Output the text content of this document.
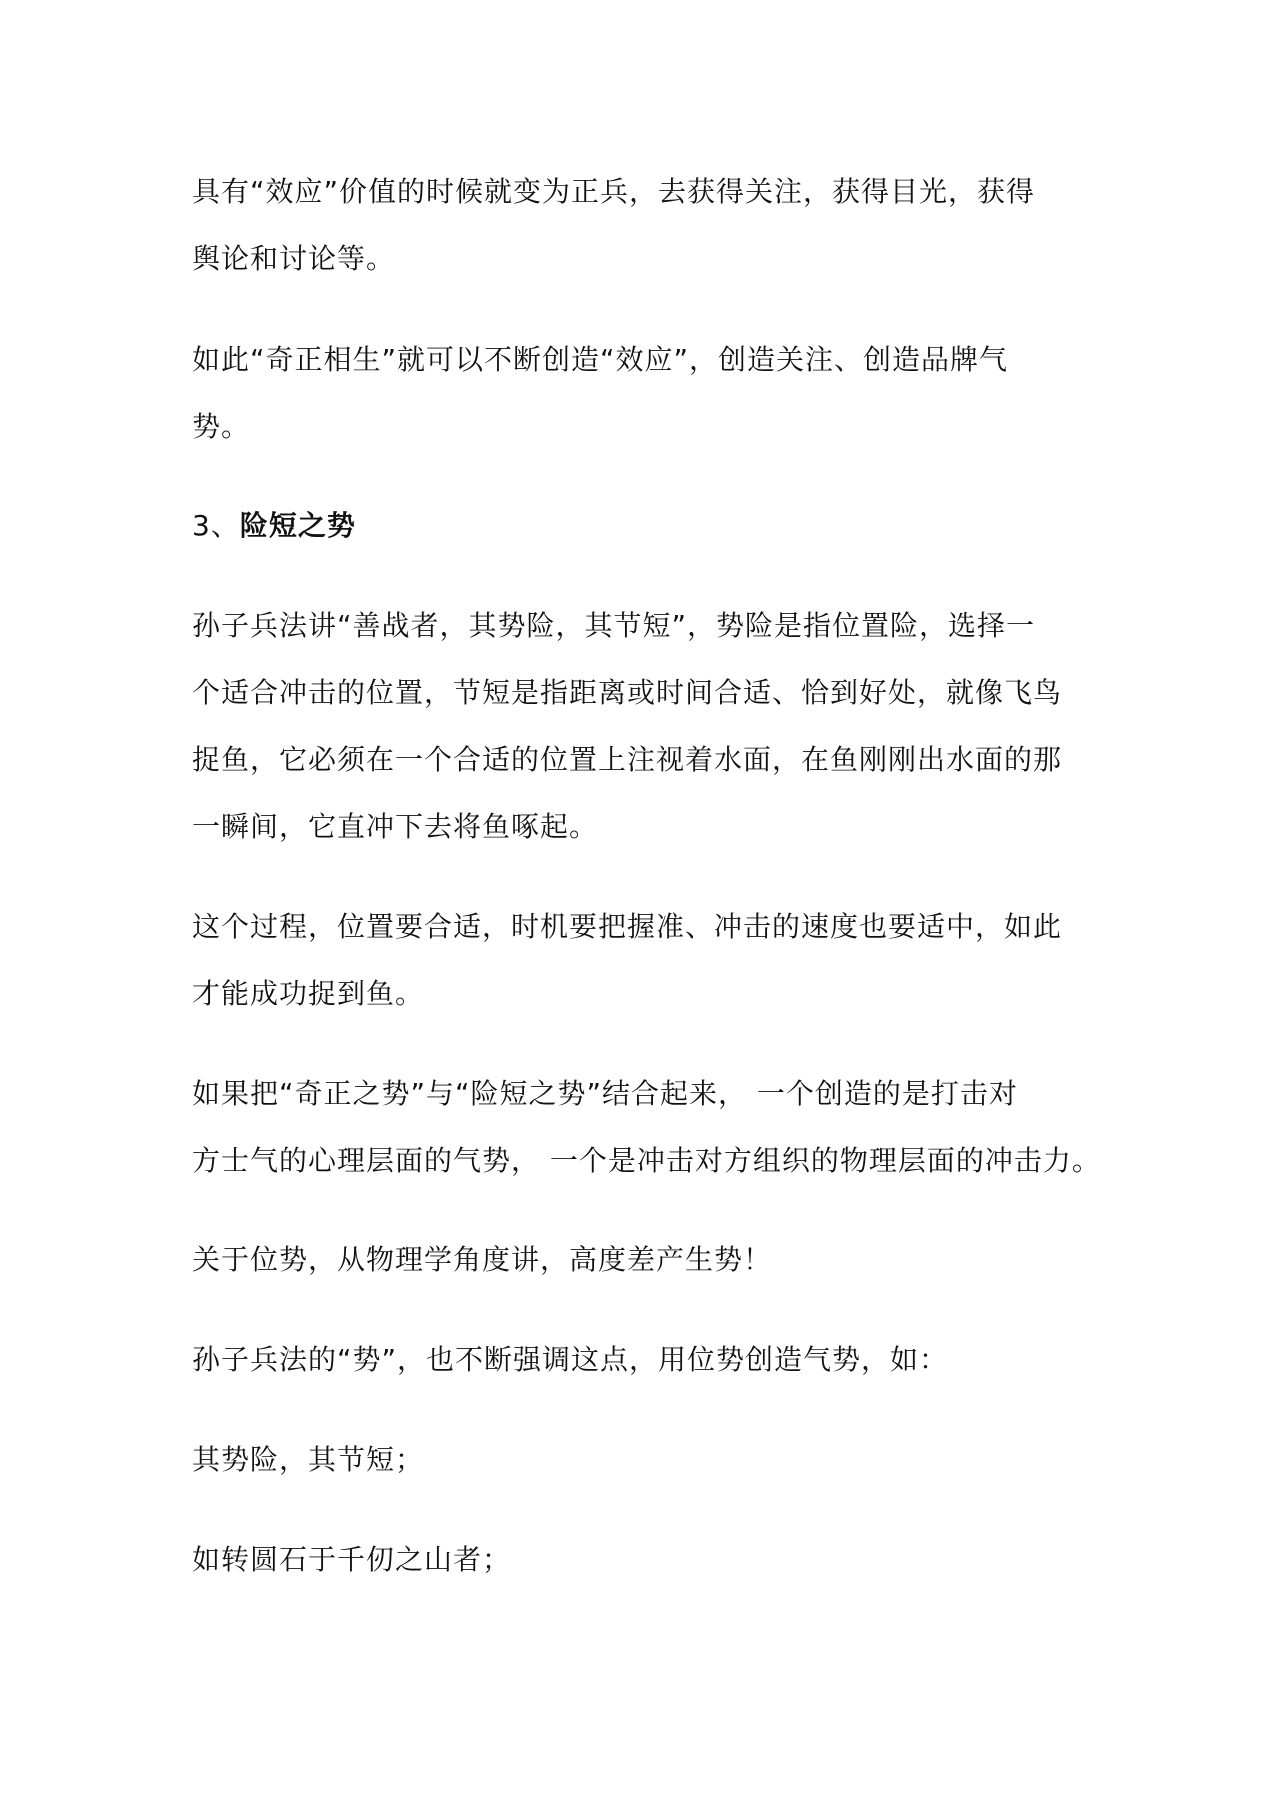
具有“效应”价值的时候就变为正兵，去获得关注，获得目光，获得
舆论和讨论等。
如此“奇正相生”就可以不断创造“效应”，创造关注、创造品牌气
势。
3、险短之势
孙子兵法讲“善战者，其势险，其节短”，势险是指位置险，选择一
个适合冲击的位置，节短是指距离或时间合适、恰到好处，就像飞鸟
捉鱼，它必须在一个合适的位置上注视着水面，在鱼刚刚出水面的那
一瞬间，它直冲下去将鱼啄起。
这个过程，位置要合适，时机要把握准、冲击的速度也要适中，如此
才能成功捉到鱼。
如果把“奇正之势”与“险短之势”结合起来， 一个创造的是打击对
方士气的心理层面的气势， 一个是冲击对方组织的物理层面的冲击力。
关于位势，从物理学角度讲，高度差产生势！
孙子兵法的“势”，也不断强调这点，用位势创造气势，如：
其势险，其节短；
如转圆石于千仞之山者；
